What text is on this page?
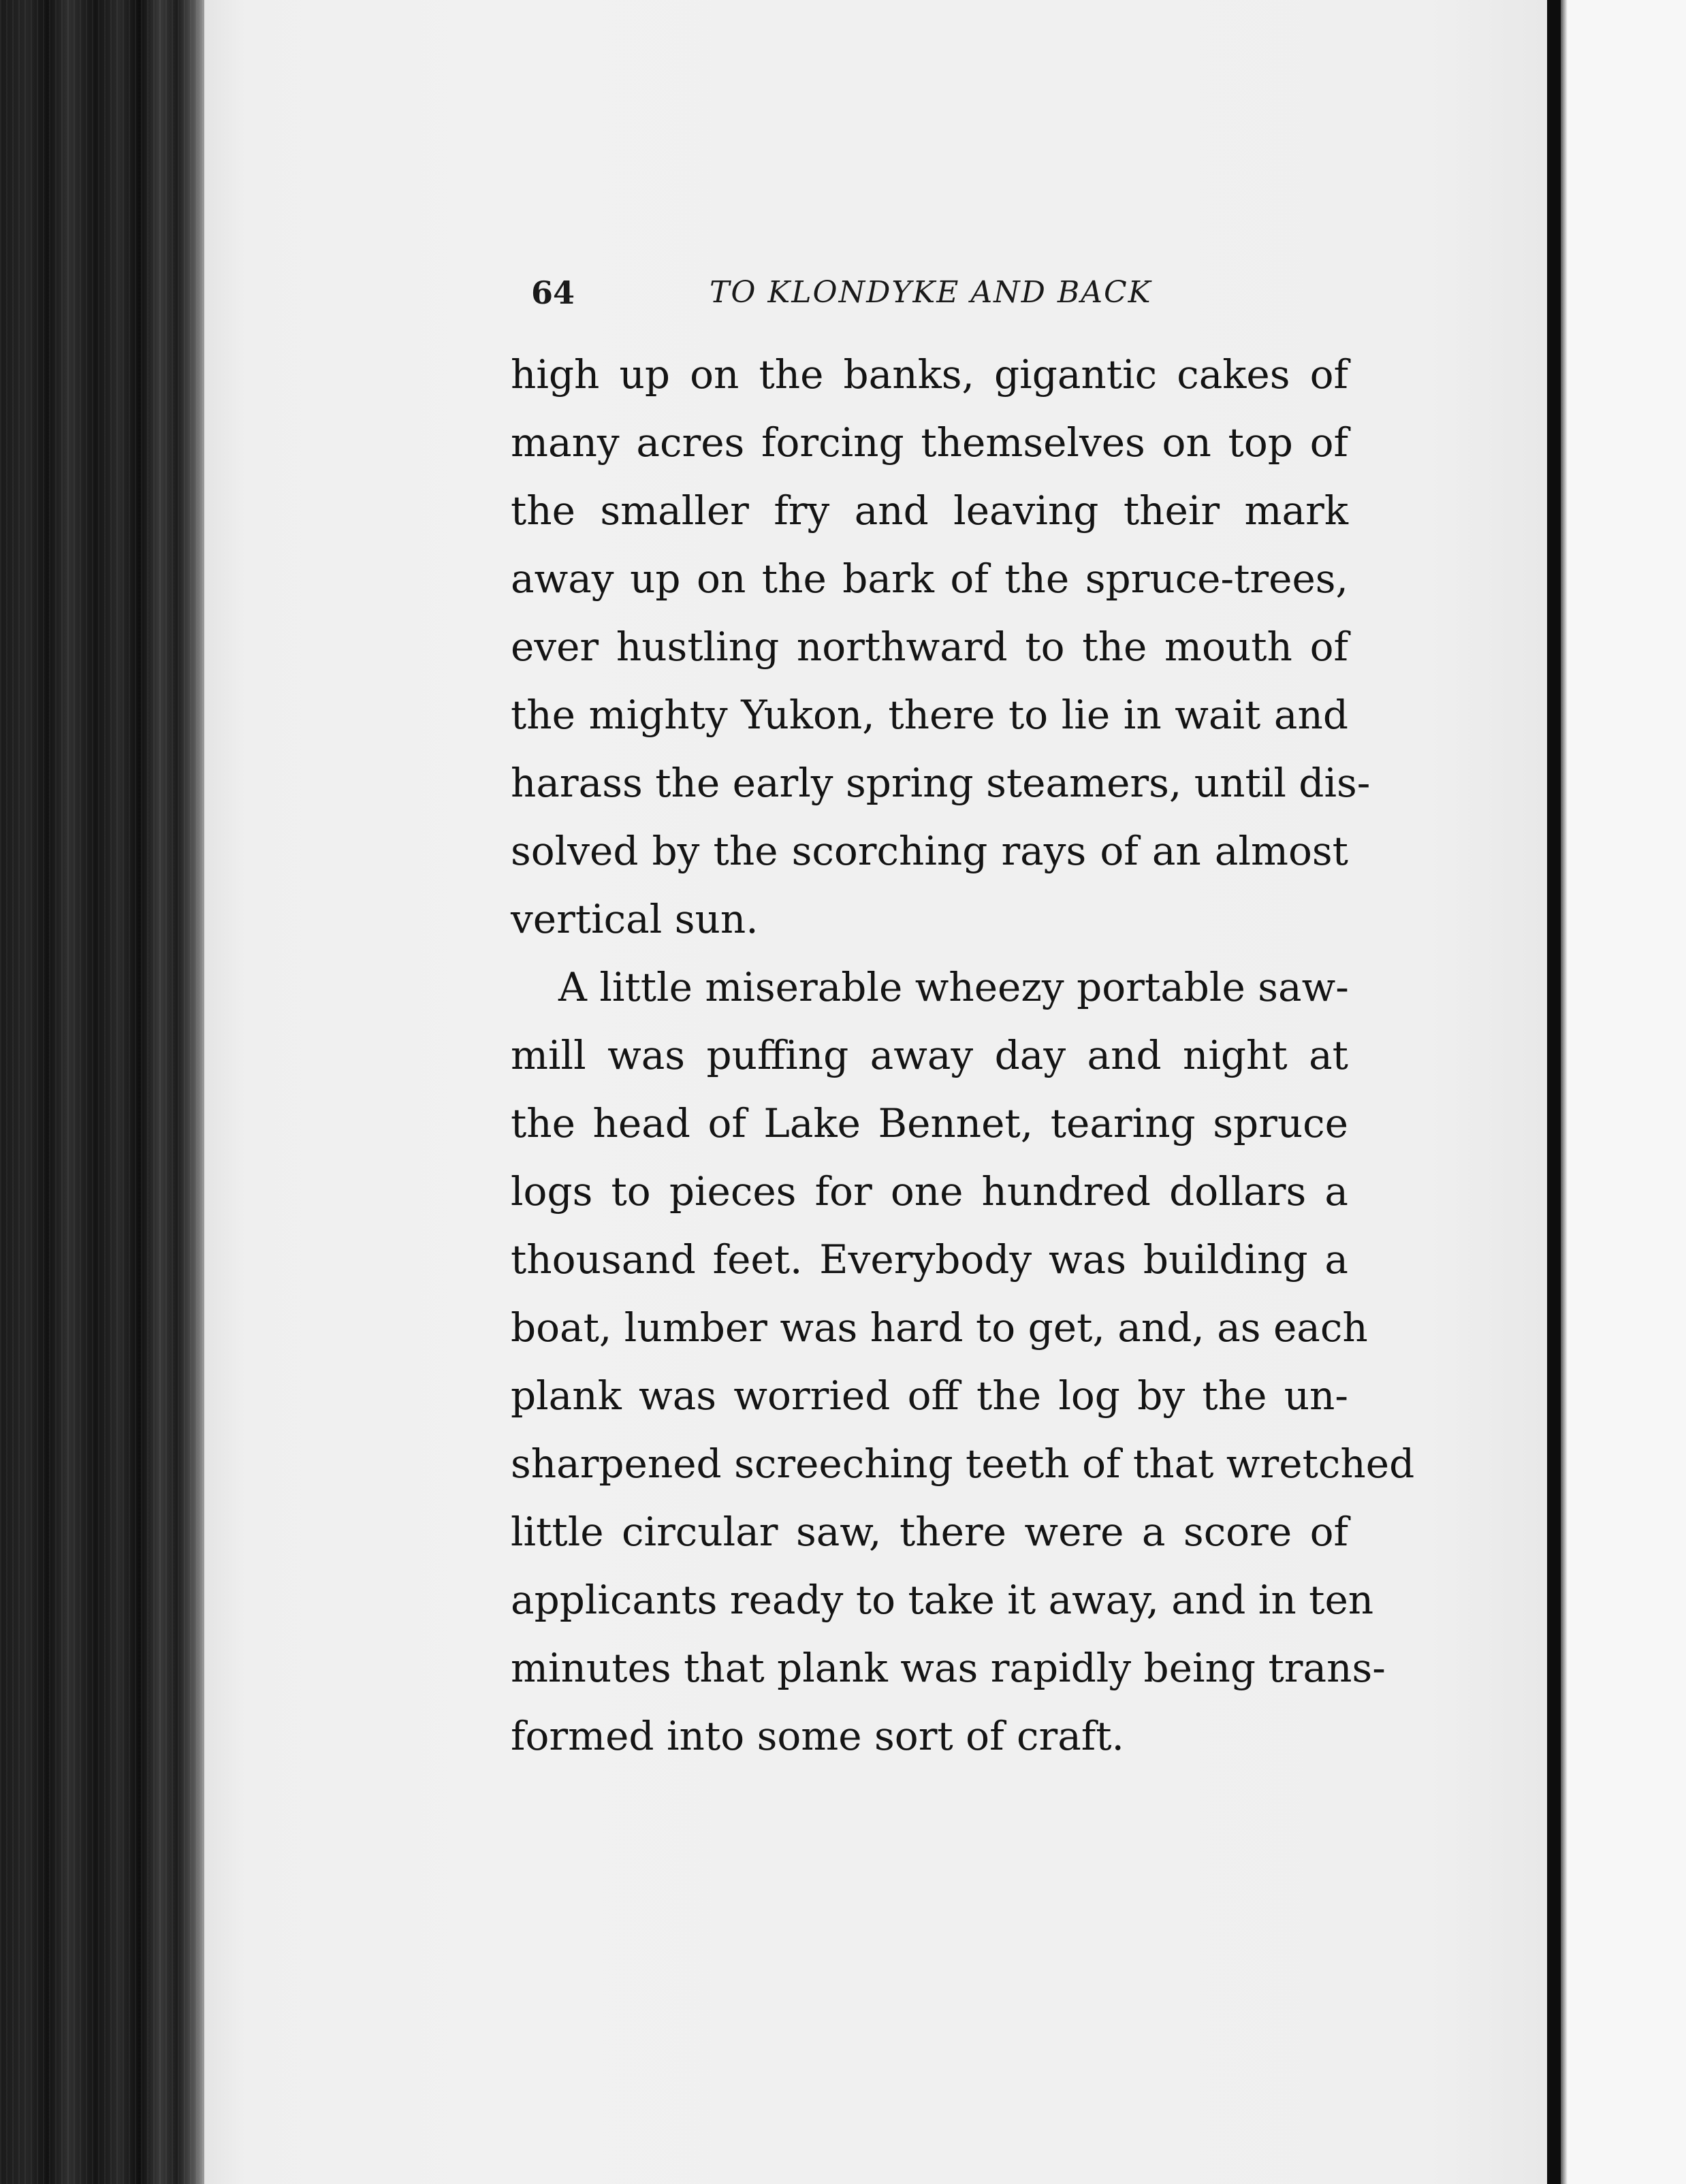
64	TO KLONDYKE AND BACK
high up on the banks, gigantic cakes of
many acres forcing themselves on top of
the smaller fry and leaving their mark
away up on the bark of the spruce-trees,
ever hustling northward to the mouth of
the mighty Yukon, there to lie in wait and
harass the early spring steamers, until dis-
solved by the scorching rays of an almost
vertical sun.
A little miserable wheezy portable saw-
mill was puffing away day and night at
the head of Lake Bennet, tearing spruce
logs to pieces for one hundred dollars a
thousand feet. Everybody was building a
boat, lumber was hard to get, and, as each
plank was worried off the log by the un-
sharpened screeching teeth of that wretched
little circular saw, there were a score of
applicants ready to take it away, and in ten
minutes that plank was rapidly being trans-
formed into some sort of craft.
